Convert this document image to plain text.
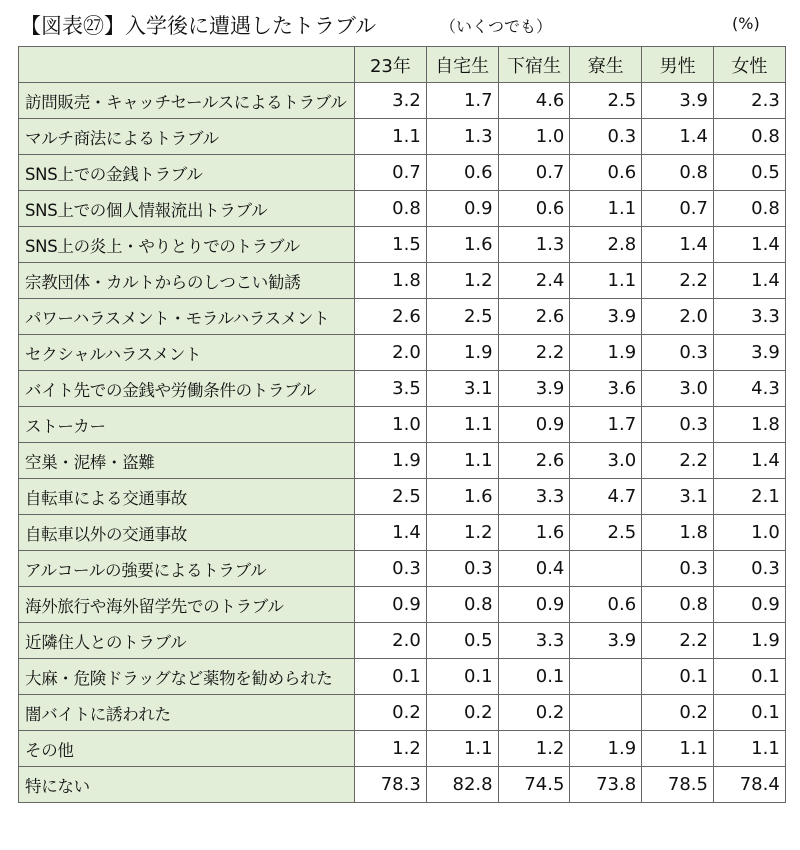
【図表㉗】入学後に遭遇したトラブル	（いくつでも）	(%)
	23年	自宅生	下宿生	寮生	男性	女性
訪問販売・キャッチセールスによるトラブル	3.2	1.7	4.6	2.5	3.9	2.3
マルチ商法によるトラブル	1.1	1.3	1.0	0.3	1.4	0.8
SNS上での金銭トラブル	0.7	0.6	0.7	0.6	0.8	0.5
SNS上での個人情報流出トラブル	0.8	0.9	0.6	1.1	0.7	0.8
SNS上の炎上・やりとりでのトラブル	1.5	1.6	1.3	2.8	1.4	1.4
宗教団体・カルトからのしつこい勧誘	1.8	1.2	2.4	1.1	2.2	1.4
パワーハラスメント・モラルハラスメント	2.6	2.5	2.6	3.9	2.0	3.3
セクシャルハラスメント	2.0	1.9	2.2	1.9	0.3	3.9
バイト先での金銭や労働条件のトラブル	3.5	3.1	3.9	3.6	3.0	4.3
ストーカー	1.0	1.1	0.9	1.7	0.3	1.8
空巣・泥棒・盗難	1.9	1.1	2.6	3.0	2.2	1.4
自転車による交通事故	2.5	1.6	3.3	4.7	3.1	2.1
自転車以外の交通事故	1.4	1.2	1.6	2.5	1.8	1.0
アルコールの強要によるトラブル	0.3	0.3	0.4		0.3	0.3
海外旅行や海外留学先でのトラブル	0.9	0.8	0.9	0.6	0.8	0.9
近隣住人とのトラブル	2.0	0.5	3.3	3.9	2.2	1.9
大麻・危険ドラッグなど薬物を勧められた	0.1	0.1	0.1		0.1	0.1
闇バイトに誘われた	0.2	0.2	0.2		0.2	0.1
その他	1.2	1.1	1.2	1.9	1.1	1.1
特にない	78.3	82.8	74.5	73.8	78.5	78.4
